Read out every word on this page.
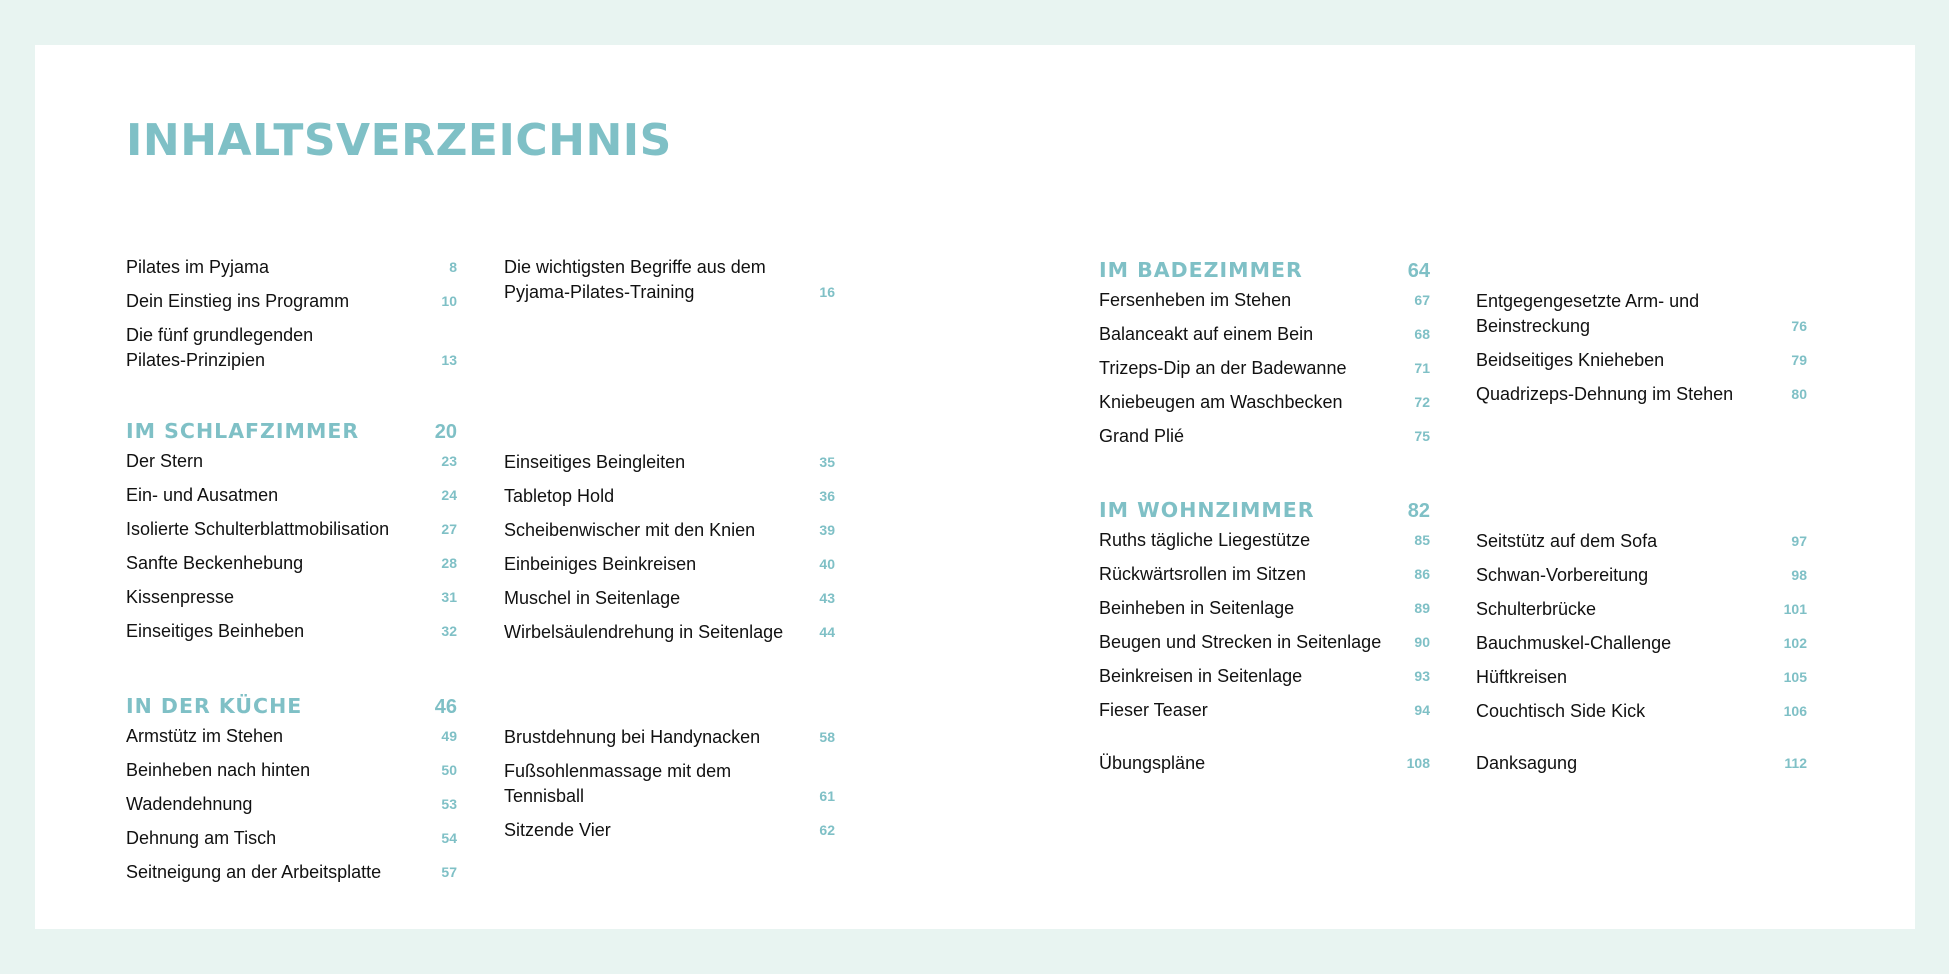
INHALTSVERZEICHNIS
Pilates im Pyjama	8
Dein Einstieg ins Programm	10
Die fünf grundlegenden
Pilates-Prinzipien	13
IM SCHLAFZIMMER	20
Der Stern	23
Ein- und Ausatmen	24
Isolierte Schulterblattmobilisation	27
Sanfte Beckenhebung	28
Kissenpresse	31
Einseitiges Beinheben	32
IN DER KÜCHE	46
Armstütz im Stehen	49
Beinheben nach hinten	50
Wadendehnung	53
Dehnung am Tisch	54
Seitneigung an der Arbeitsplatte	57
Die wichtigsten Begriffe aus dem
Pyjama-Pilates-Training	16
Einseitiges Beingleiten	35
Tabletop Hold	36
Scheibenwischer mit den Knien	39
Einbeiniges Beinkreisen	40
Muschel in Seitenlage	43
Wirbelsäulendrehung in Seitenlage	44
Brustdehnung bei Handynacken	58
Fußsohlenmassage mit dem
Tennisball	61
Sitzende Vier	62
IM BADEZIMMER	64
Fersenheben im Stehen	67
Balanceakt auf einem Bein	68
Trizeps-Dip an der Badewanne	71
Kniebeugen am Waschbecken	72
Grand Plié	75
IM WOHNZIMMER	82
Ruths tägliche Liegestütze	85
Rückwärtsrollen im Sitzen	86
Beinheben in Seitenlage	89
Beugen und Strecken in Seitenlage 90
Beinkreisen in Seitenlage	93
Fieser Teaser	94
Übungspläne	108
Entgegengesetzte Arm- und
Beinstreckung	76
Beidseitiges Knieheben	79
Quadrizeps-Dehnung im Stehen	80
Seitstütz auf dem Sofa	97
Schwan-Vorbereitung	98
Schulterbrücke	101
Bauchmuskel-Challenge	102
Hüftkreisen	105
Couchtisch Side Kick	106
Danksagung	112
